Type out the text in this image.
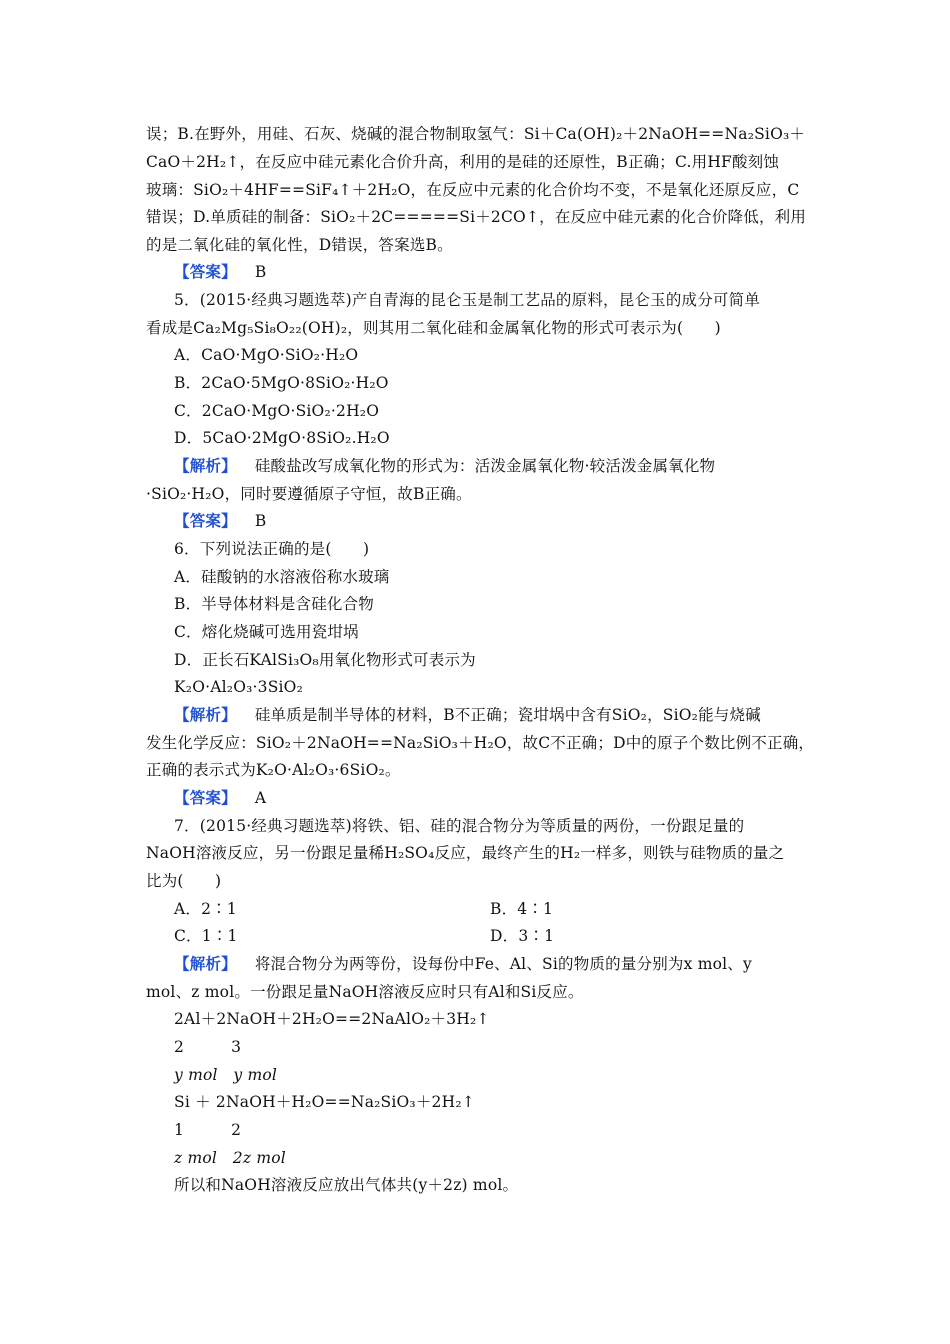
误；B.在野外，用硅、石灰、烧碱的混合物制取氢气：Si＋Ca(OH)₂＋2NaOH==Na₂SiO₃＋
CaO＋2H₂↑，在反应中硅元素化合价升高，利用的是硅的还原性，B正确；C.用HF酸刻蚀
玻璃：SiO₂＋4HF==SiF₄↑＋2H₂O，在反应中元素的化合价均不变，不是氧化还原反应，C
错误；D.单质硅的制备：SiO₂＋2C=====Si＋2CO↑，在反应中硅元素的化合价降低，利用
的是二氧化硅的氧化性，D错误，答案选B。
【答案】 B
5．(2015·经典习题选萃)产自青海的昆仑玉是制工艺品的原料，昆仑玉的成分可简单
看成是Ca₂Mg₅Si₈O₂₂(OH)₂，则其用二氧化硅和金属氧化物的形式可表示为(　　)
A．CaO·MgO·SiO₂·H₂O
B．2CaO·5MgO·8SiO₂·H₂O
C．2CaO·MgO·SiO₂·2H₂O
D．5CaO·2MgO·8SiO₂.H₂O
【解析】 硅酸盐改写成氧化物的形式为：活泼金属氧化物·较活泼金属氧化物
·SiO₂·H₂O，同时要遵循原子守恒，故B正确。
【答案】 B
6．下列说法正确的是(　　)
A．硅酸钠的水溶液俗称水玻璃
B．半导体材料是含硅化合物
C．熔化烧碱可选用瓷坩埚
D．正长石KAlSi₃O₈用氧化物形式可表示为
K₂O·Al₂O₃·3SiO₂
【解析】 硅单质是制半导体的材料，B不正确；瓷坩埚中含有SiO₂，SiO₂能与烧碱
发生化学反应：SiO₂＋2NaOH==Na₂SiO₃＋H₂O，故C不正确；D中的原子个数比例不正确，
正确的表示式为K₂O·Al₂O₃·6SiO₂。
【答案】 A
7．(2015·经典习题选萃)将铁、铝、硅的混合物分为等质量的两份，一份跟足量的
NaOH溶液反应，另一份跟足量稀H₂SO₄反应，最终产生的H₂一样多，则铁与硅物质的量之
比为(　　)
A．2∶1	B．4∶1
C．1∶1	D．3∶1
【解析】 将混合物分为两等份，设每份中Fe、Al、Si的物质的量分别为x mol、y
mol、z mol。一份跟足量NaOH溶液反应时只有Al和Si反应。
2Al＋2NaOH＋2H₂O==2NaAlO₂＋3H₂↑
2　　　3
y mol　y mol
Si ＋ 2NaOH＋H₂O==Na₂SiO₃＋2H₂↑
1　　　2
z mol　2z mol
所以和NaOH溶液反应放出气体共(y＋2z) mol。
